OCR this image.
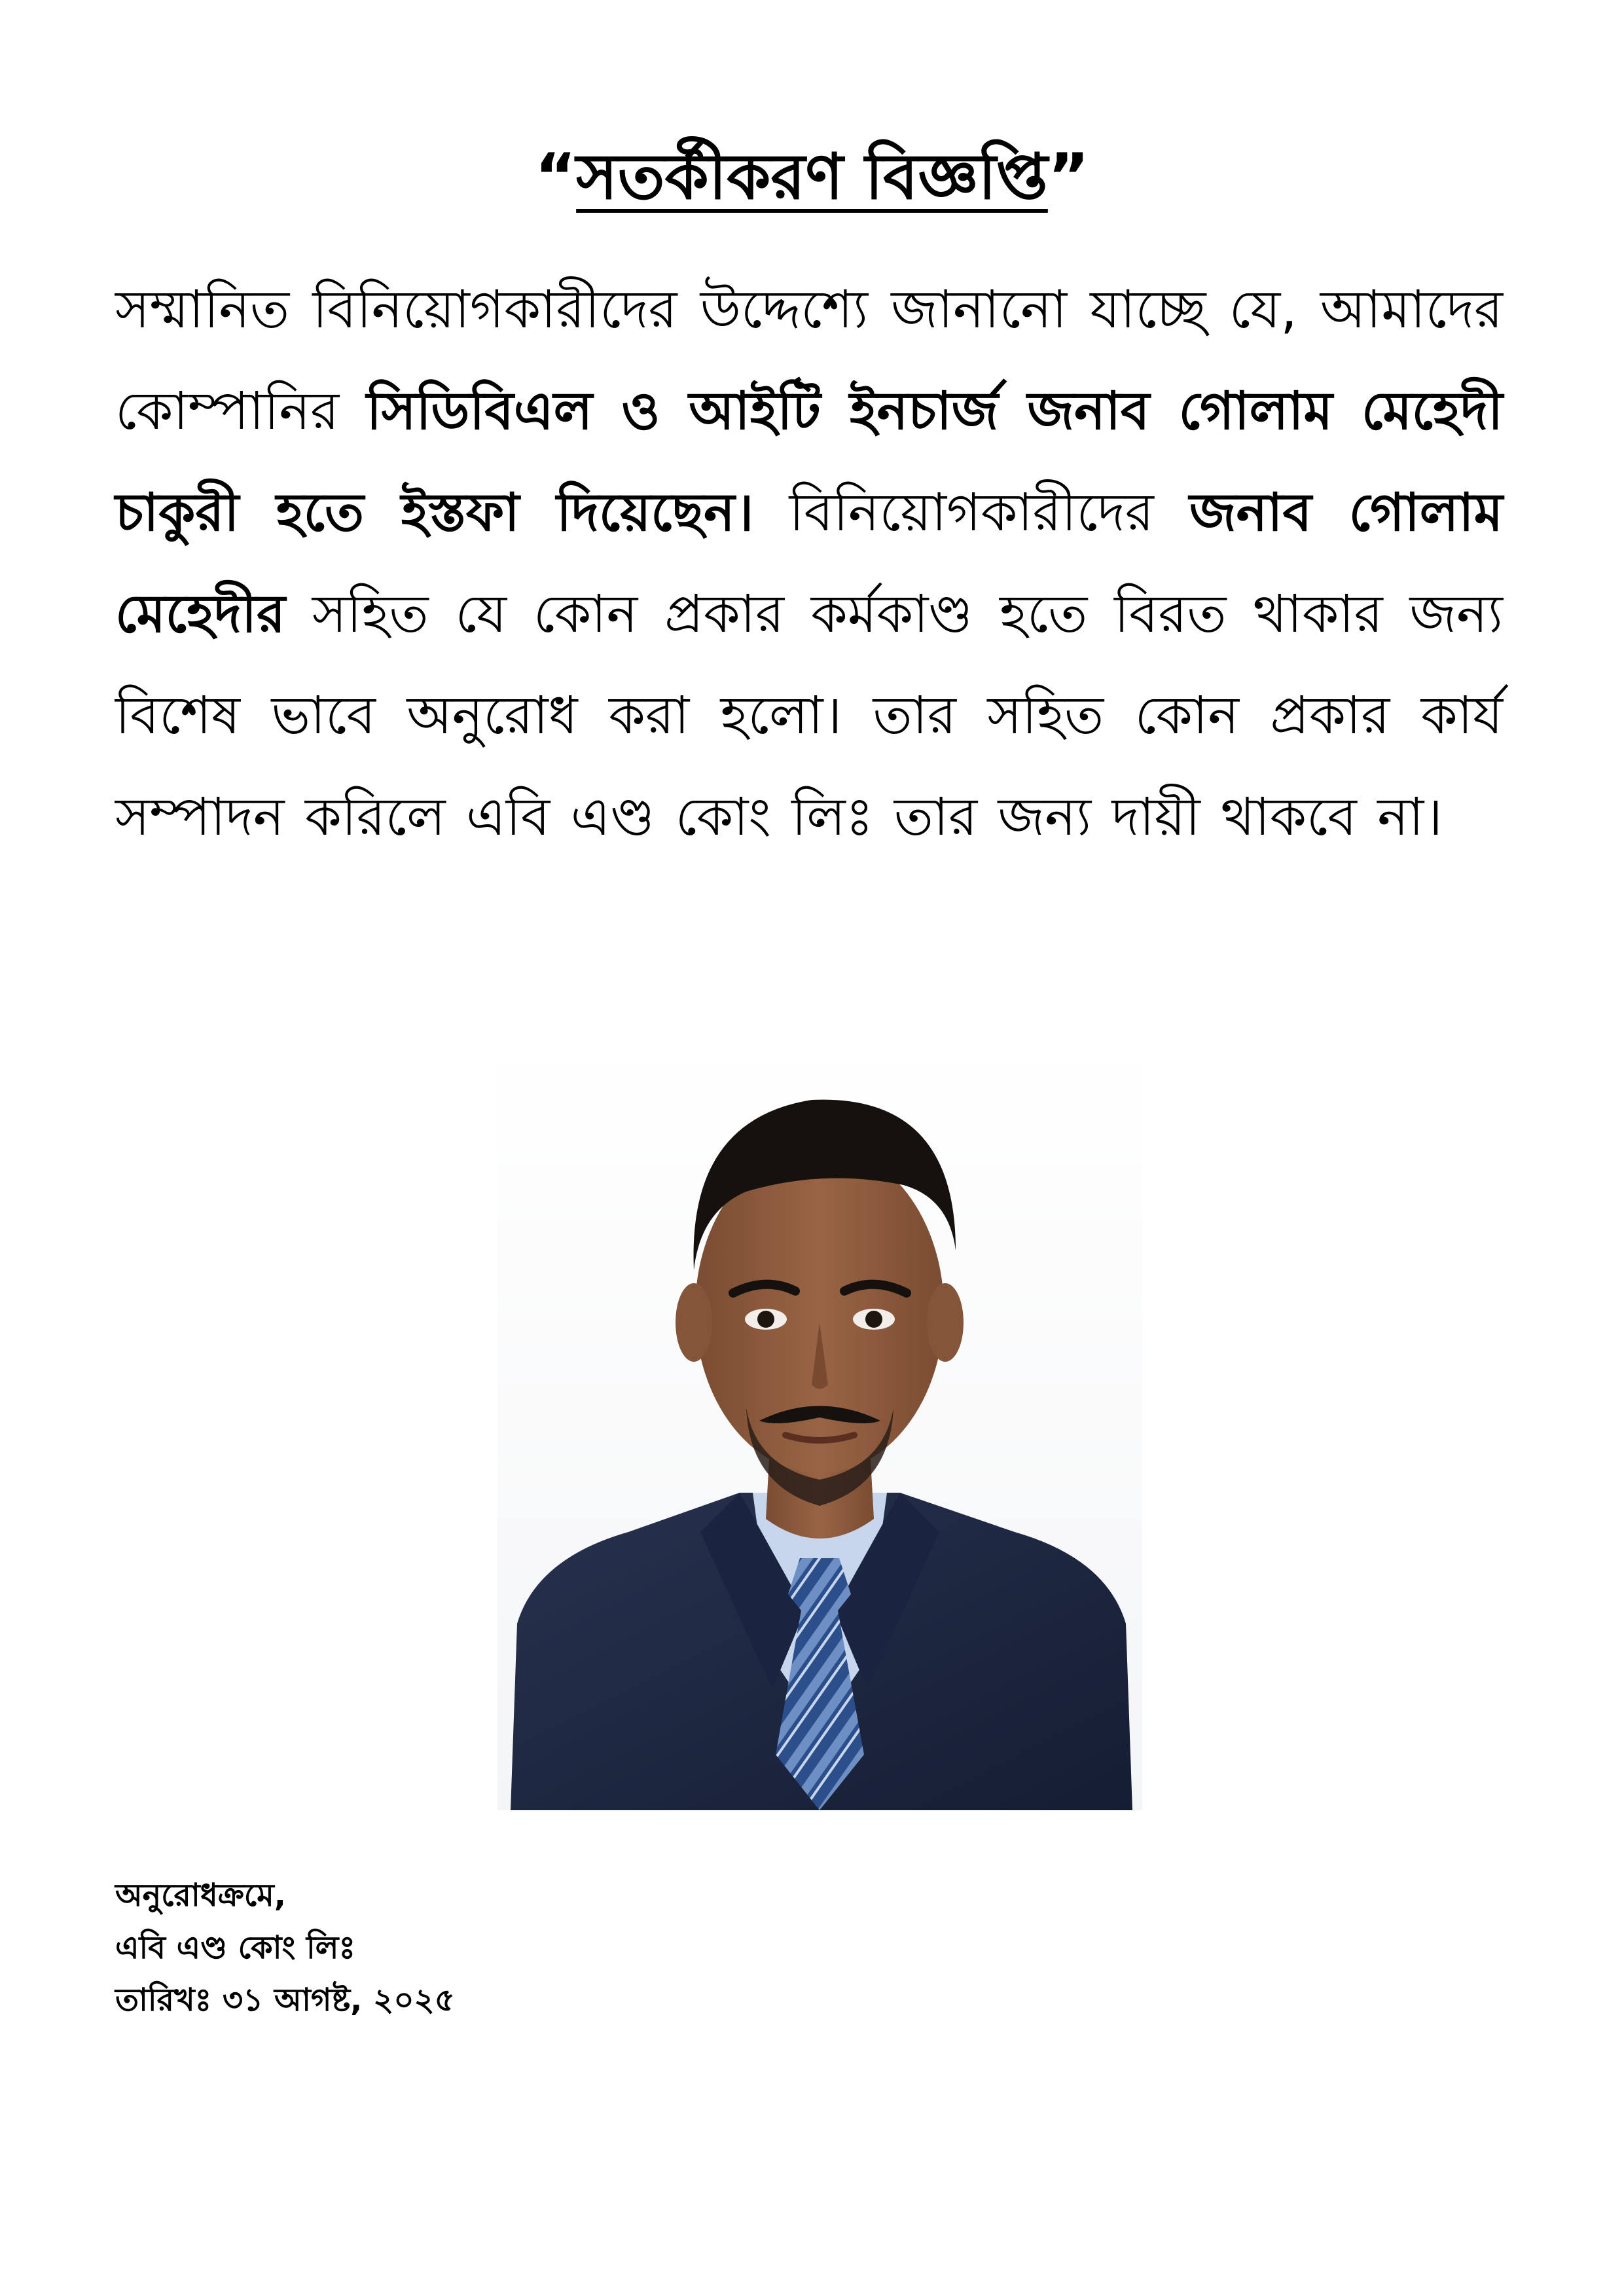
“সতর্কীকরণ বিজ্ঞপ্তি”
সম্মানিত বিনিয়োগকারীদের উদ্দেশ্যে জানানো যাচ্ছে যে, আমাদের কোম্পানির সিডিবিএল ও আইটি ইনচার্জ জনাব গোলাম মেহেদী চাকুরী হতে ইস্তফা দিয়েছেন। বিনিয়োগকারীদের জনাব গোলাম মেহেদীর সহিত যে কোন প্রকার কর্মকাণ্ড হতে বিরত থাকার জন্য বিশেষ ভাবে অনুরোধ করা হলো। তার সহিত কোন প্রকার কার্য সম্পাদন করিলে এবি এণ্ড কোং লিঃ তার জন্য দায়ী থাকবে না।
অনুরোধক্রমে,
এবি এণ্ড কোং লিঃ
তারিখঃ ৩১ আগষ্ট, ২০২৫
